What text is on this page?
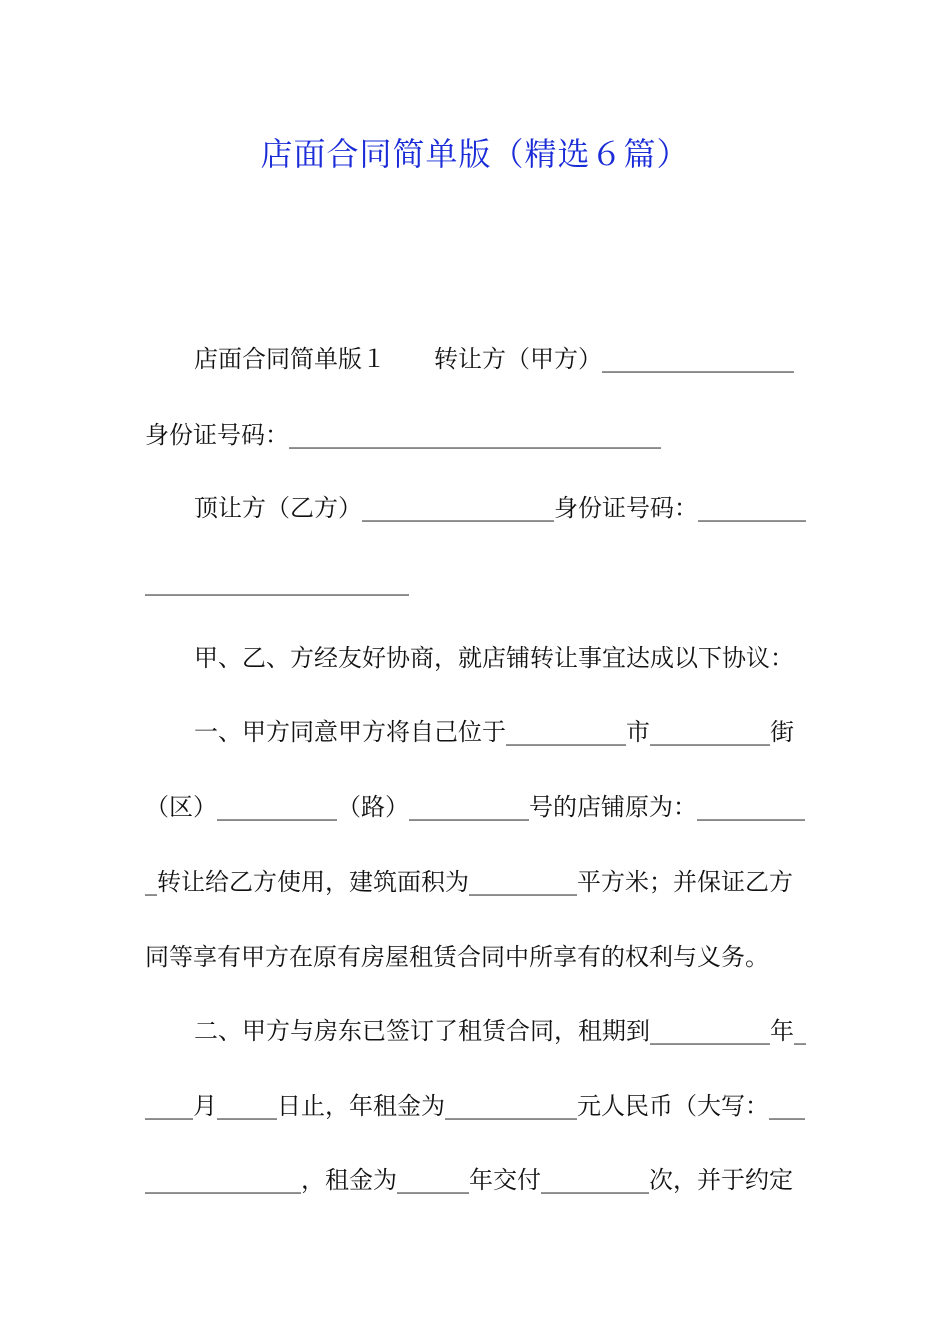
店面合同简单版（精选６篇）
店面合同简单版１　　转让方（甲方）________________
身份证号码：_______________________________
顶让方（乙方）________________身份证号码：_________
______________________
甲、乙、方经友好协商，就店铺转让事宜达成以下协议：
一、甲方同意甲方将自己位于__________市__________街
（区）__________（路）__________号的店铺原为：_________
_转让给乙方使用，建筑面积为_________平方米；并保证乙方
同等享有甲方在原有房屋租赁合同中所享有的权利与义务。
二、甲方与房东已签订了租赁合同，租期到__________年_
____月_____日止，年租金为___________元人民币（大写：___
_____________，租金为______年交付_________次，并于约定
